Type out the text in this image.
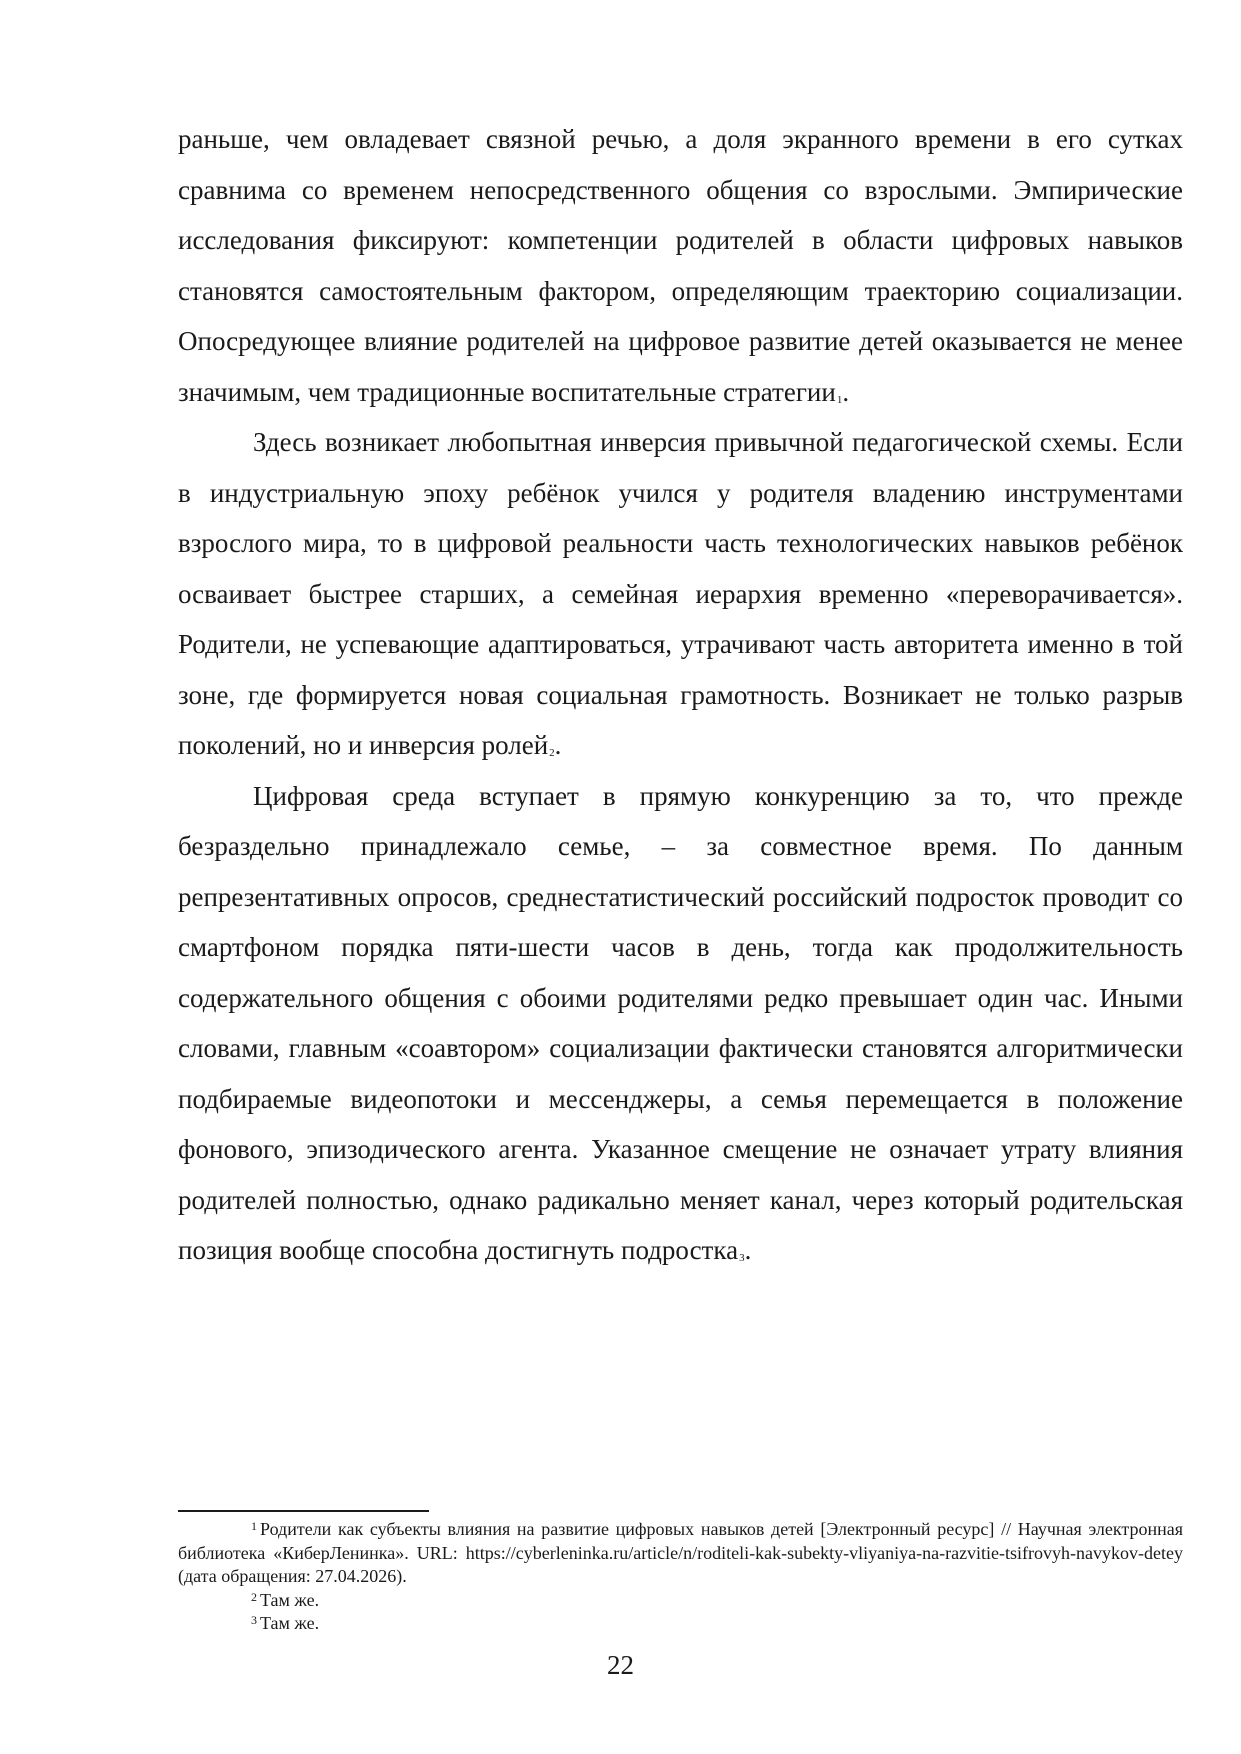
раньше, чем овладевает связной речью, а доля экранного времени в его сутках сравнима со временем непосредственного общения со взрослыми. Эмпирические исследования фиксируют: компетенции родителей в области цифровых навыков становятся самостоятельным фактором, определяющим траекторию социализации. Опосредующее влияние родителей на цифровое развитие детей оказывается не менее значимым, чем традиционные воспитательные стратегии$^1$.

Здесь возникает любопытная инверсия привычной педагогической схемы. Если в индустриальную эпоху ребёнок учился у родителя владению инструментами взрослого мира, то в цифровой реальности часть технологических навыков ребёнок осваивает быстрее старших, а семейная иерархия временно «переворачивается». Родители, не успевающие адаптироваться, утрачивают часть авторитета именно в той зоне, где формируется новая социальная грамотность. Возникает не только разрыв поколений, но и инверсия ролей$^2$.

Цифровая среда вступает в прямую конкуренцию за то, что прежде безраздельно принадлежало семье, – за совместное время. По данным репрезентативных опросов, среднестатистический российский подросток проводит со смартфоном порядка пяти-шести часов в день, тогда как продолжительность содержательного общения с обоими родителями редко превышает один час. Иными словами, главным «соавтором» социализации фактически становятся алгоритмически подбираемые видеопотоки и мессенджеры, а семья перемещается в положение фонового, эпизодического агента. Указанное смещение не означает утрату влияния родителей полностью, однако радикально меняет канал, через который родительская позиция вообще способна достигнуть подростка$^3$.

$^1$ Родители как субъекты влияния на развитие цифровых навыков детей [Электронный ресурс] // Научная электронная библиотека «КиберЛенинка». URL: https://cyberleninka.ru/article/n/roditeli-kak-subekty-vliyaniya-na-razvitie-tsifrovyh-navykov-detey (дата обращения: 27.04.2026).

$^2$ Там же.

$^3$ Там же.

22
